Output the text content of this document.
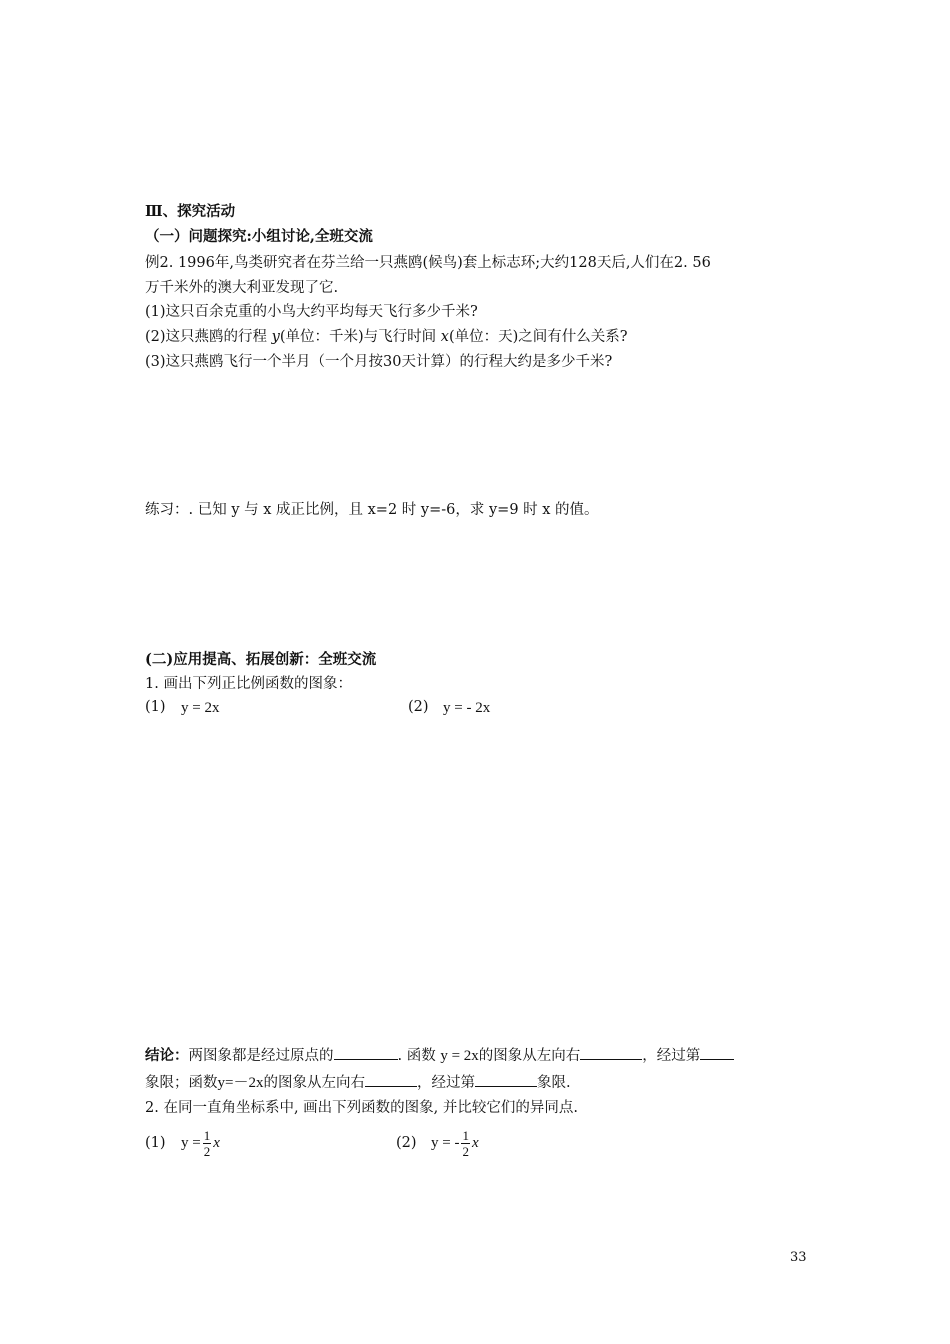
Ⅲ、探究活动
（一）问题探究:小组讨论,全班交流
例2. 1996年,鸟类研究者在芬兰给一只燕鸥(候鸟)套上标志环;大约128天后,人们在2. 56
万千米外的澳大利亚发现了它.
(1)这只百余克重的小鸟大约平均每天飞行多少千米?
(2)这只燕鸥的行程 y(单位：千米)与飞行时间 x(单位：天)之间有什么关系?
(3)这只燕鸥飞行一个半月（一个月按30天计算）的行程大约是多少千米?
练习：. 已知 y 与 x 成正比例，且 x=2 时 y=-6，求 y=9 时 x 的值。
(二)应用提高、拓展创新：全班交流
1. 画出下列正比例函数的图象：
(1) y = 2x	(2) y = - 2x
结论：两图象都是经过原点的	. 函数 y = 2x的图象从左向右	，经过第
象限；函数y=－2x的图象从左向右	，经过第	象限.
2. 在同一直角坐标系中, 画出下列函数的图象, 并比较它们的异同点.
(1) $y = \frac{1}{2}$ x	(2) y = - $\frac{1}{2}$ x
33
